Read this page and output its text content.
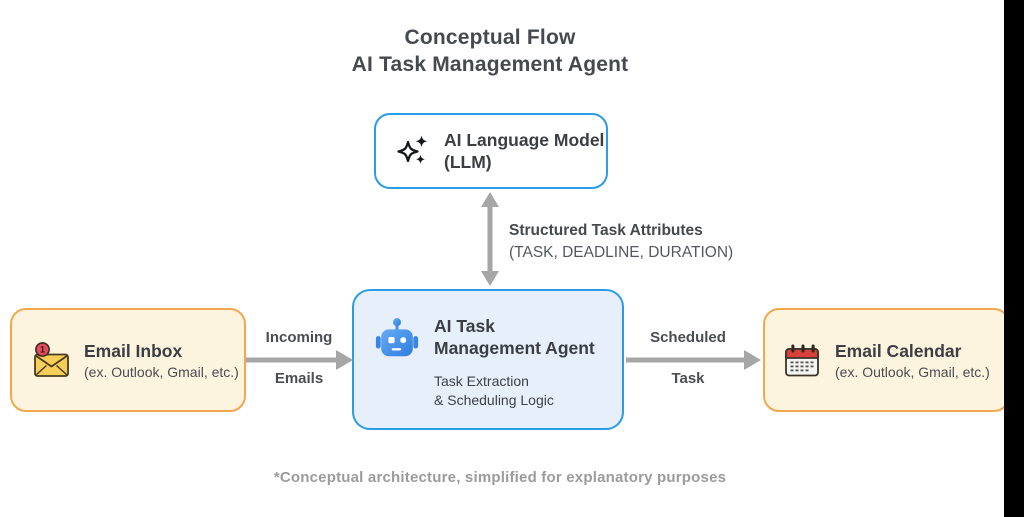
Conceptual Flow
AI Task Management Agent
AI Language Model
(LLM)
Structured Task Attributes
(TASK, DEADLINE, DURATION)
AI Task
Management Agent
Task Extraction
& Scheduling Logic
1 Email Inbox
(ex. Outlook, Gmail, etc.)
Incoming
Emails
Scheduled
Task
Email Calendar
(ex. Outlook, Gmail, etc.)
*Conceptual architecture, simplified for explanatory purposes
